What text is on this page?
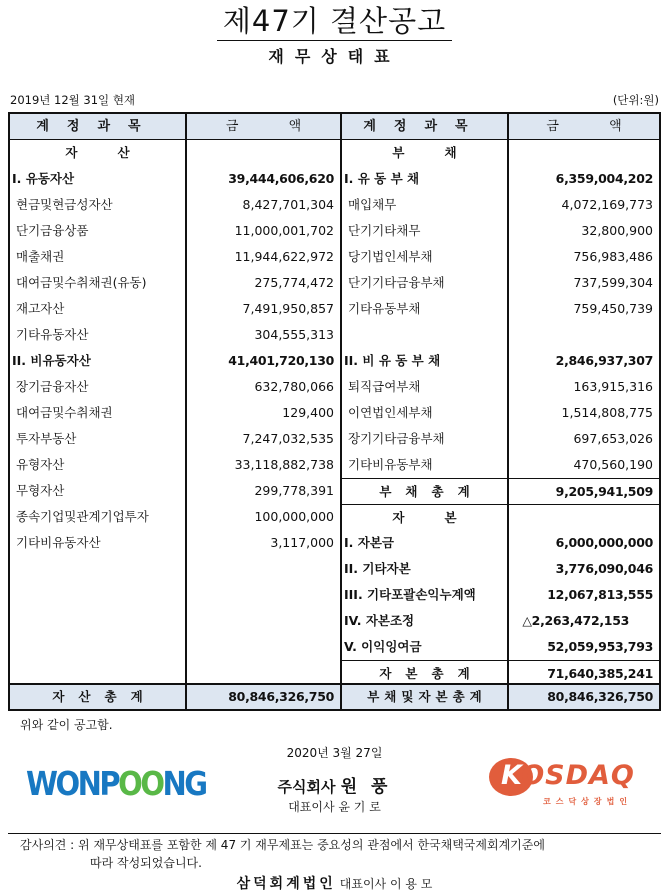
제47기 결산공고
재무상태표
2019년 12월 31일 현재	(단위:원)
계정과목
자산
I. 유동자산
현금및현금성자산
단기금융상품
매출채권
대여금및수취채권(유동)
재고자산
기타유동자산
II. 비유동자산
장기금융자산
대여금및수취채권
투자부동산
유형자산
무형자산
종속기업및관계기업투자
기타비유동자산
자산총계
금 액
39,444,606,620
8,427,701,304
11,000,001,702
11,944,622,972
275,774,472
7,491,950,857
304,555,313
41,401,720,130
632,780,066
129,400
7,247,032,535
33,118,882,738
299,778,391
100,000,000
3,117,000
80,846,326,750
계정과목
부채
I. 유 동 부 채
매입채무
단기기타채무
당기법인세부채
단기기타금융부채
기타유동부채
II. 비 유 동 부 채
퇴직급여부채
이연법인세부채
장기기타금융부채
기타비유동부채
부채총계
자본
I. 자본금
II. 기타자본
III. 기타포괄손익누계액
IV. 자본조정
V. 이익잉여금
자본총계
부채및자본총계
금 액
6,359,004,202
4,072,169,773
32,800,900
756,983,486
737,599,304
759,450,739
2,846,937,307
163,915,316
1,514,808,775
697,653,026
470,560,190
9,205,941,509
6,000,000,000
3,776,090,046
12,067,813,555
△2,263,472,153
52,059,953,793
71,640,385,241
80,846,326,750
위와 같이 공고함.
2020년 3월 27일
WONPOONG	주식회사 원 풍
대표이사 윤 기 로
KOSDAQ
코스닥상장법인
감사의견 : 위 재무상태표를 포함한 제 47 기 재무제표는 중요성의 관점에서 한국채택국제회계기준에
따라 작성되었습니다.
삼덕회계법인 대표이사 이 용 모
